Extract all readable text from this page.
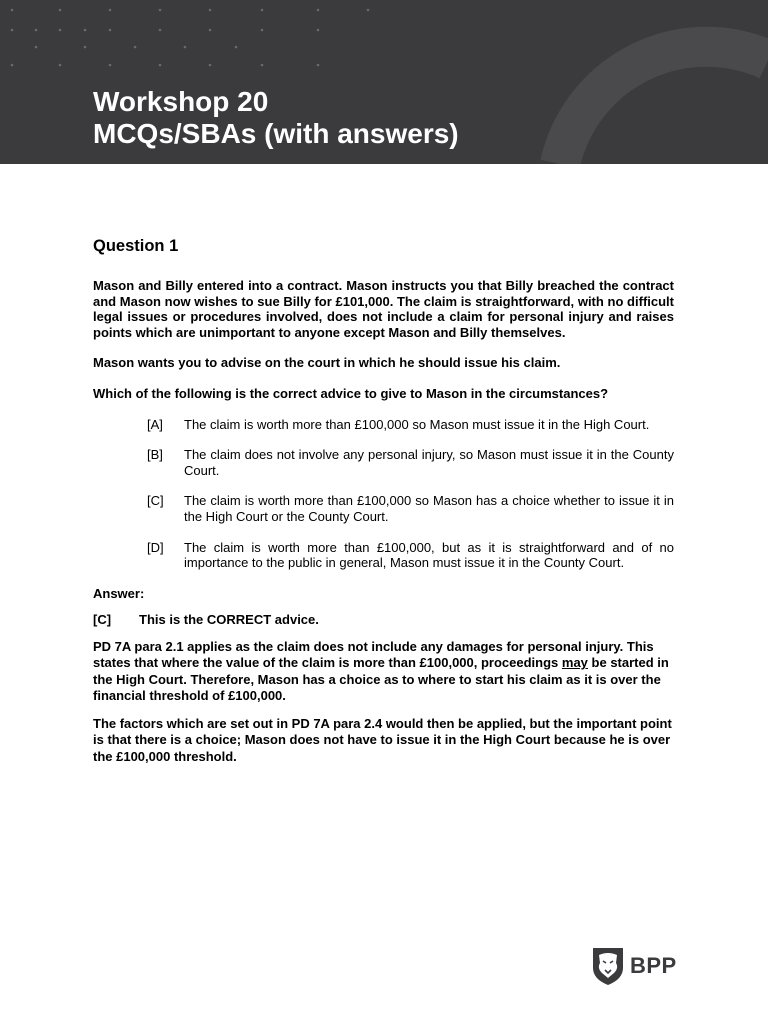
Workshop 20
MCQs/SBAs (with answers)
Question 1

Mason and Billy entered into a contract. Mason instructs you that Billy breached the contract and Mason now wishes to sue Billy for £101,000. The claim is straightforward, with no difficult legal issues or procedures involved, does not include a claim for personal injury and raises points which are unimportant to anyone except Mason and Billy themselves.

Mason wants you to advise on the court in which he should issue his claim.

Which of the following is the correct advice to give to Mason in the circumstances?

[A]	The claim is worth more than £100,000 so Mason must issue it in the High Court.
[B]	The claim does not involve any personal injury, so Mason must issue it in the County Court.
[C]	The claim is worth more than £100,000 so Mason has a choice whether to issue it in the High Court or the County Court.
[D]	The claim is worth more than £100,000, but as it is straightforward and of no importance to the public in general, Mason must issue it in the County Court.
Answer:
[C]	This is the CORRECT advice.

PD 7A para 2.1 applies as the claim does not include any damages for personal injury. This states that where the value of the claim is more than £100,000, proceedings may be started in the High Court. Therefore, Mason has a choice as to where to start his claim as it is over the financial threshold of £100,000.

The factors which are set out in PD 7A para 2.4 would then be applied, but the important point is that there is a choice; Mason does not have to issue it in the High Court because he is over the £100,000 threshold.

BPP
